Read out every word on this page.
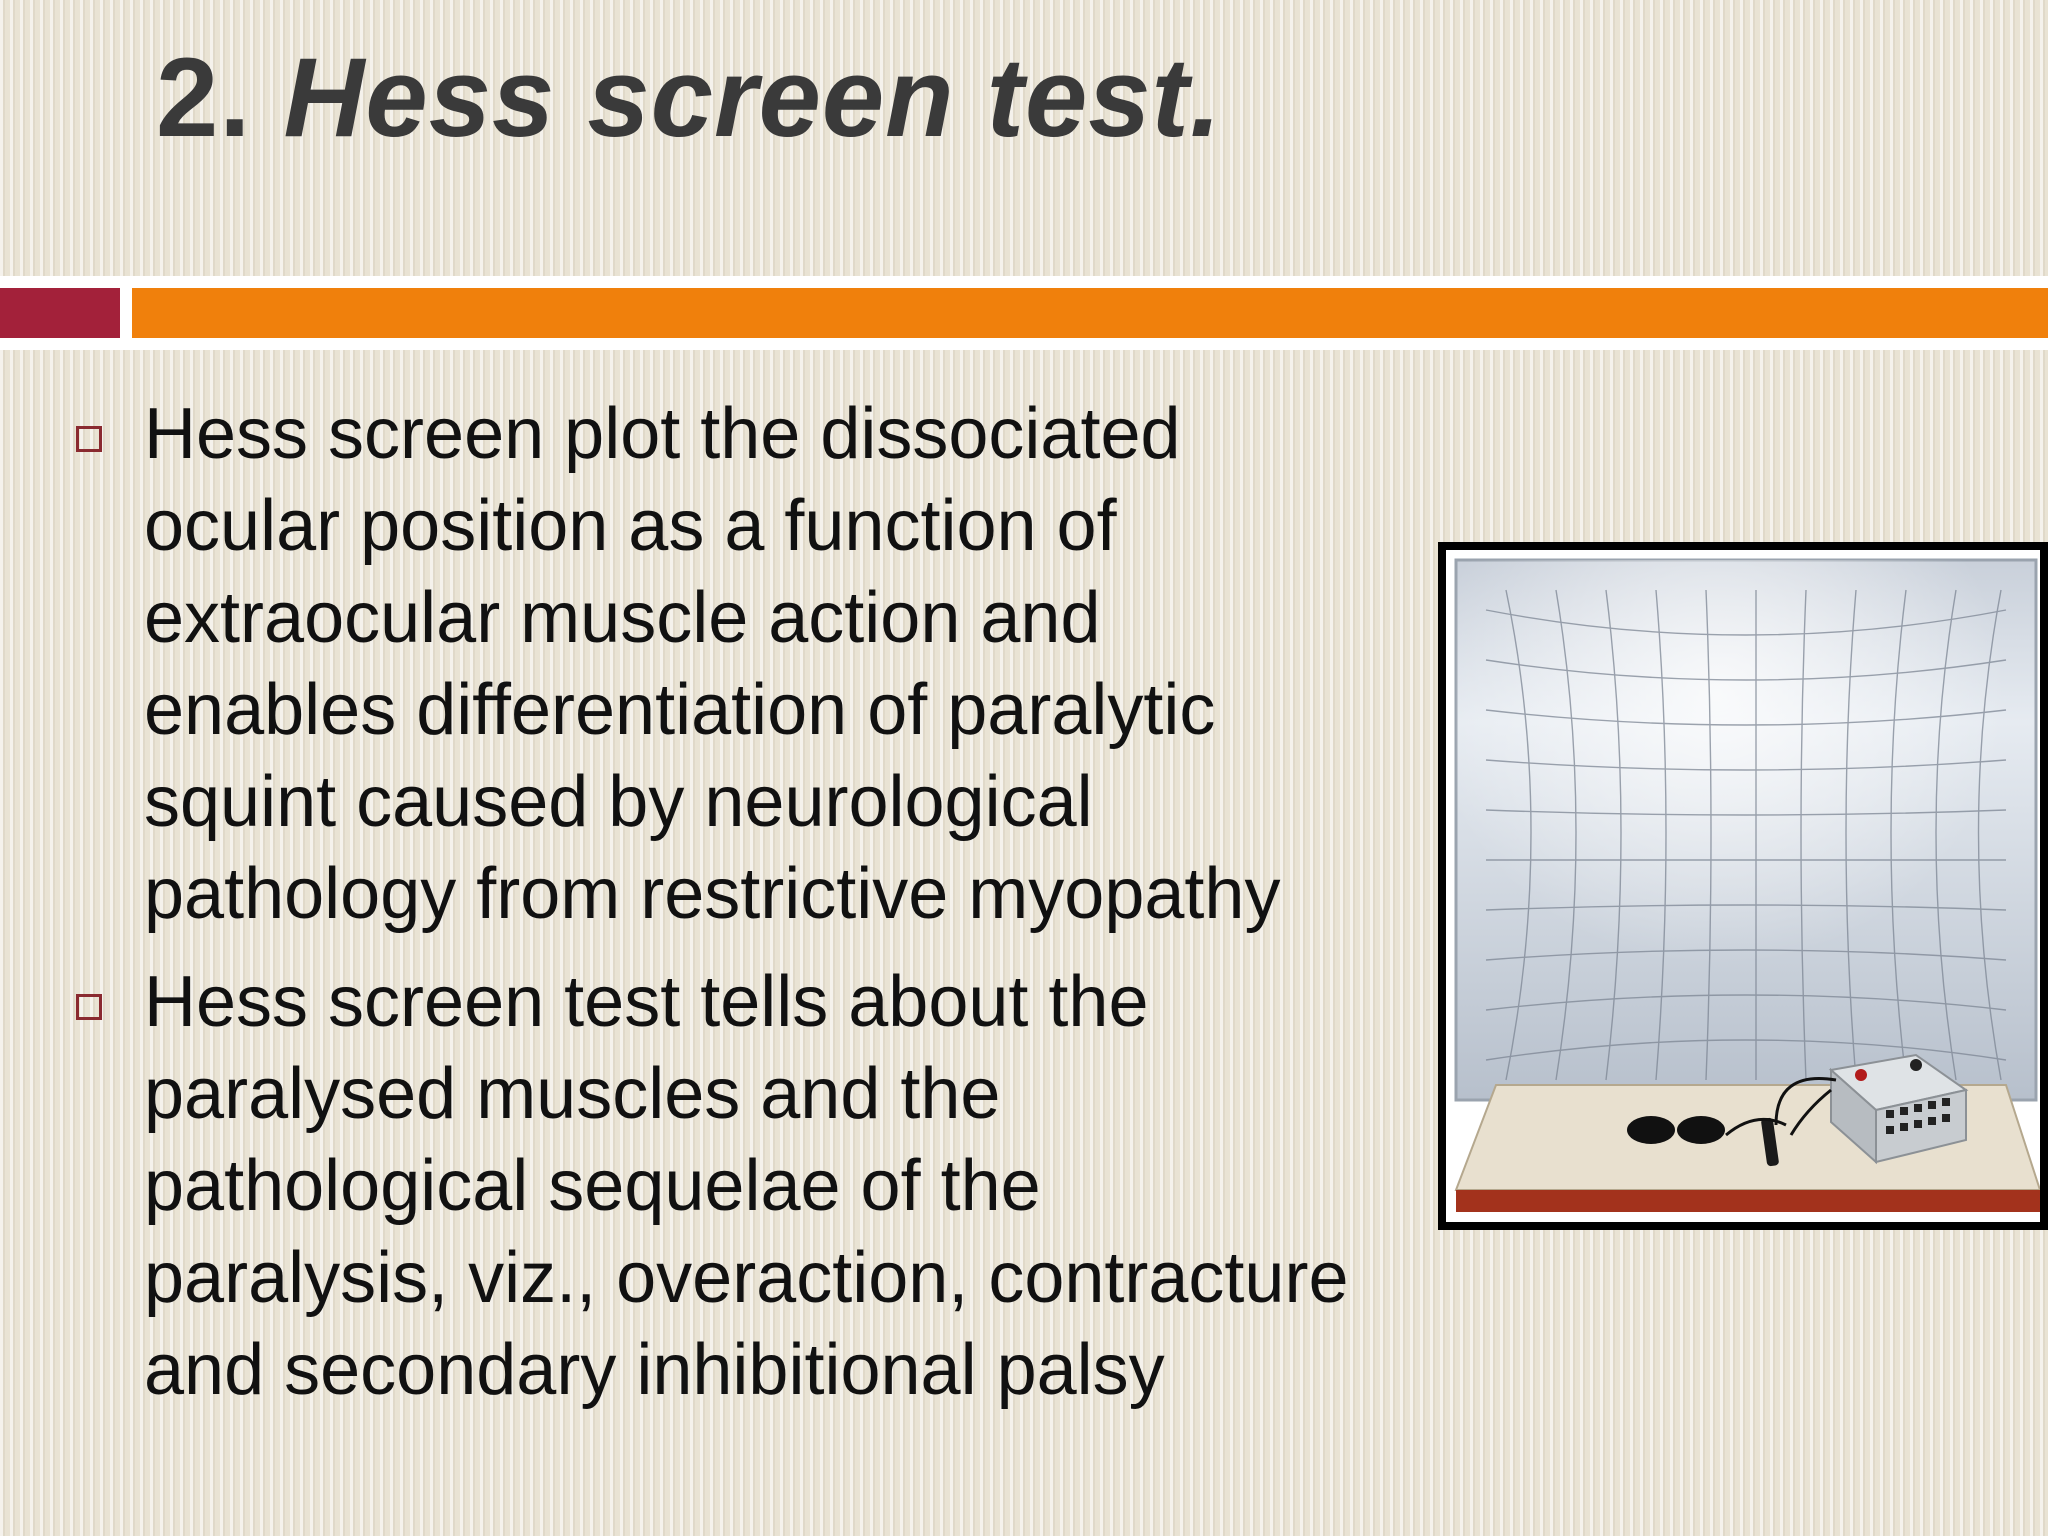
2. Hess screen test.
Hess screen plot the dissociated ocular position as a function of extraocular muscle action and enables differentiation of paralytic squint caused by neurological pathology from restrictive myopathy
Hess screen test tells about the paralysed muscles and the pathological sequelae of the paralysis, viz., overaction, contracture and secondary inhibitional palsy
